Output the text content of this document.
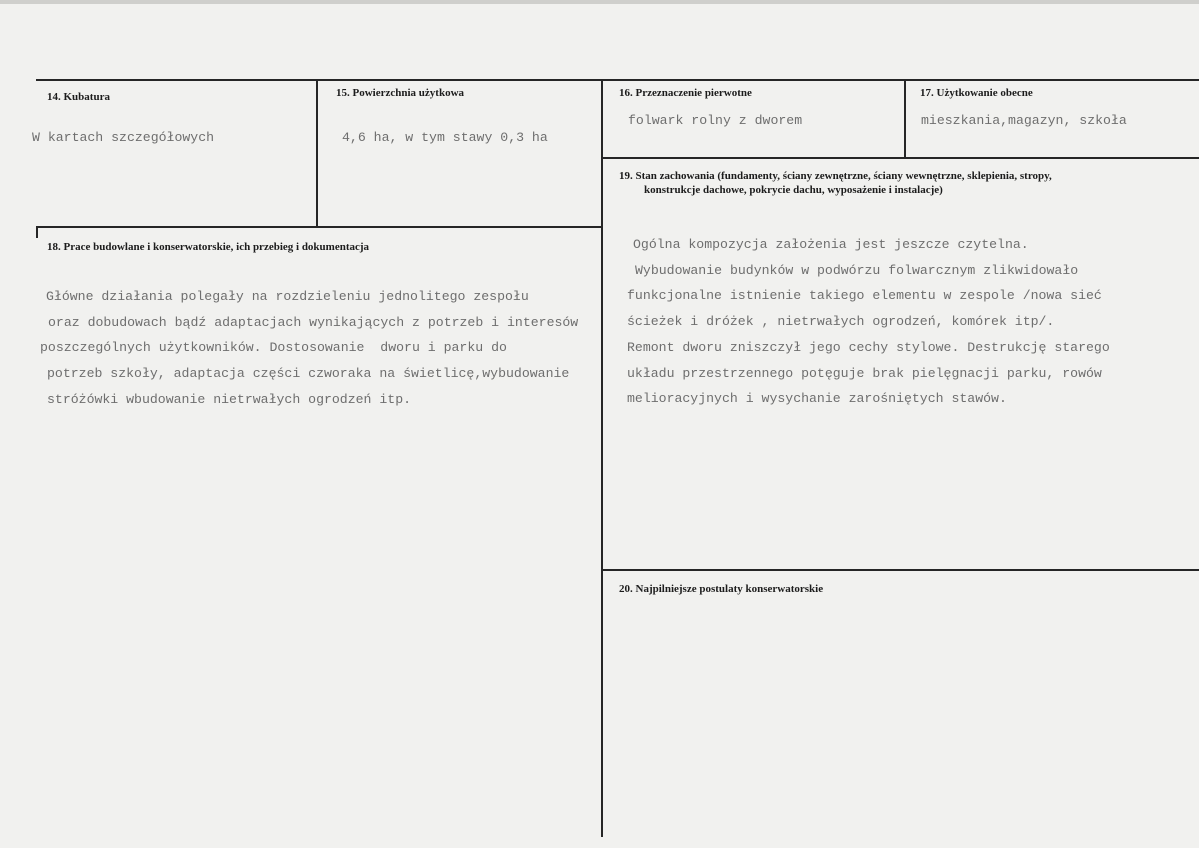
14. Kubatura
W kartach szczegółowych
15. Powierzchnia użytkowa
4,6 ha, w tym stawy 0,3 ha
16. Przeznaczenie pierwotne
folwark rolny z dworem
17. Użytkowanie obecne
mieszkania,magazyn, szkoła
19. Stan zachowania (fundamenty, ściany zewnętrzne, ściany wewnętrzne, sklepienia, stropy,
konstrukcje dachowe, pokrycie dachu, wyposażenie i instalacje)
Ogólna kompozycja założenia jest jeszcze czytelna.
Wybudowanie budynków w podwórzu folwarcznym zlikwidowało
funkcjonalne istnienie takiego elementu w zespole /nowa sieć
ścieżek i dróżek , nietrwałych ogrodzeń, komórek itp/.
Remont dworu zniszczył jego cechy stylowe. Destrukcję starego
układu przestrzennego potęguje brak pielęgnacji parku, rowów
melioracyjnych i wysychanie zarośniętych stawów.
18. Prace budowlane i konserwatorskie, ich przebieg i dokumentacja
Główne działania polegały na rozdzieleniu jednolitego zespołu
oraz dobudowach bądź adaptacjach wynikających z potrzeb i interesów
poszczególnych użytkowników. Dostosowanie  dworu i parku do
potrzeb szkoły, adaptacja części czworaka na świetlicę,wybudowanie
stróżówki wbudowanie nietrwałych ogrodzeń itp.
20. Najpilniejsze postulaty konserwatorskie
